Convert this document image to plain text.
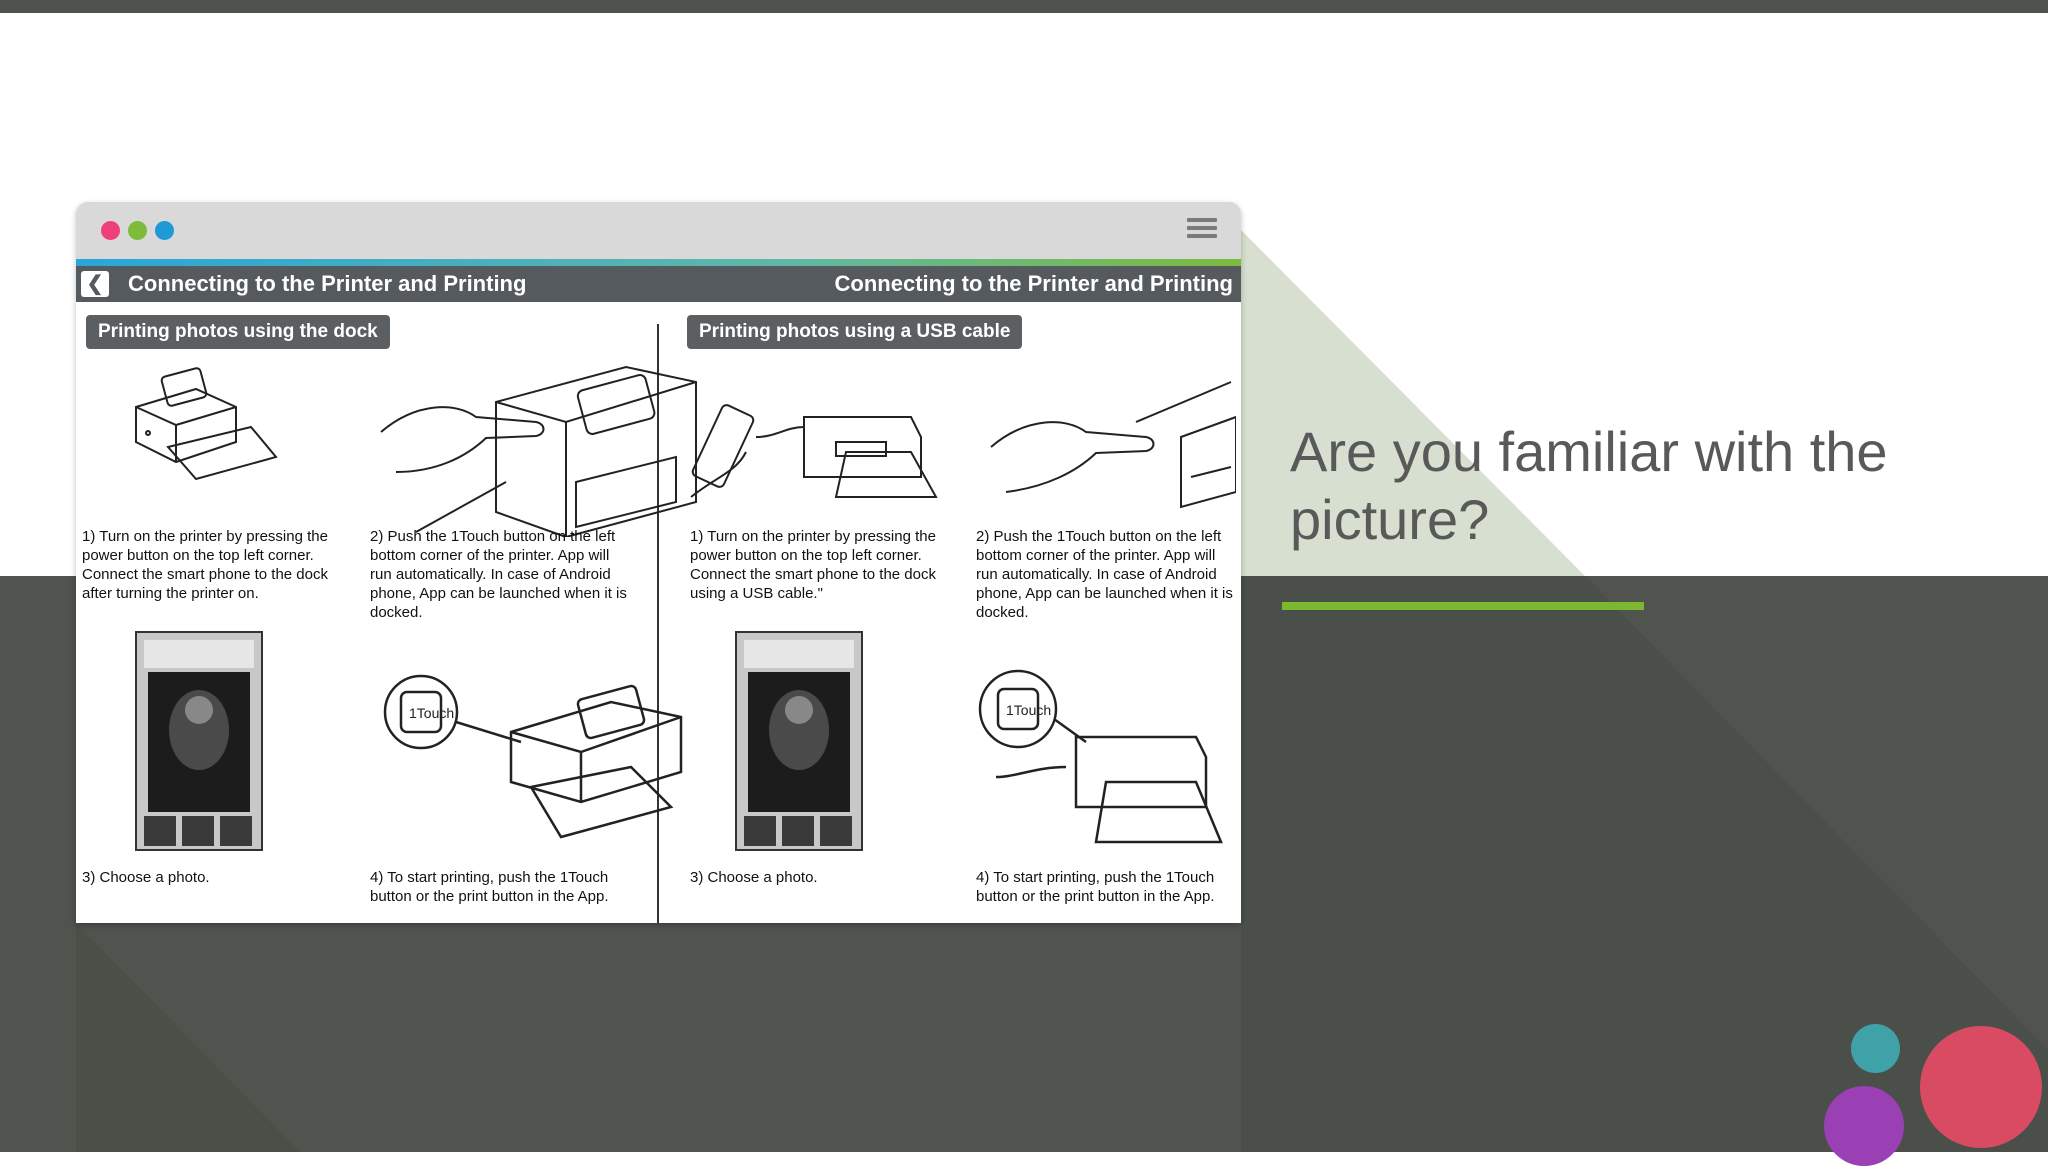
❮ Connecting to the Printer and Printing	Connecting to the Printer and Printing
Printing photos using the dock	Printing photos using a USB cable
1Touch
1) Turn on the printer by pressing the power button on the top left corner. Connect the smart phone to the dock after turning the printer on.
2) Push the 1Touch button on the left bottom corner of the printer. App will run automatically. In case of Android phone, App can be launched when it is docked.
3) Choose a photo.	4) To start printing, push the 1Touch button or the print button in the App.
1Touch
1) Turn on the printer by pressing the power button on the top left corner. Connect the smart phone to the dock using a USB cable."
2) Push the 1Touch button on the left bottom corner of the printer. App will run automatically. In case of Android phone, App can be launched when it is docked.
3) Choose a photo.	4) To start printing, push the 1Touch button or the print button in the App.
Are you familiar with the picture?
